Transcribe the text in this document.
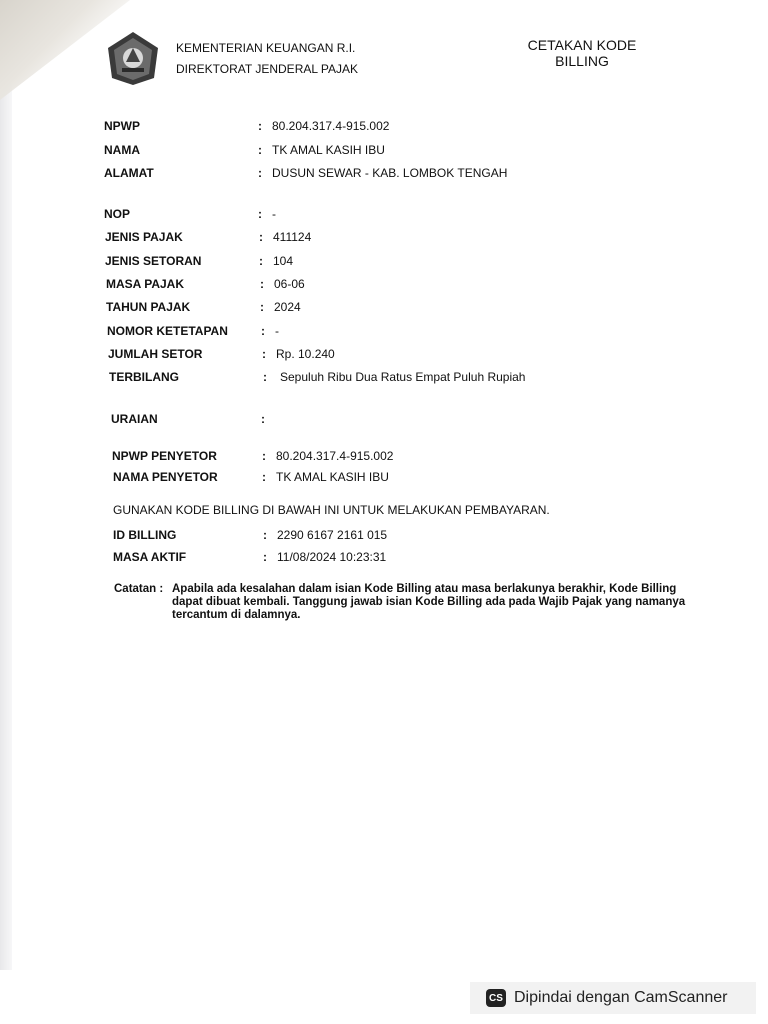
KEMENTERIAN KEUANGAN R.I.
DIREKTORAT JENDERAL PAJAK
CETAKAN KODE
BILLING
NPWP	: 80.204.317.4-915.002
NAMA	: TK AMAL KASIH IBU
ALAMAT	: DUSUN SEWAR - KAB. LOMBOK TENGAH
NOP	: -
JENIS PAJAK	: 411124
JENIS SETORAN	: 104
MASA PAJAK	: 06-06
TAHUN PAJAK	: 2024
NOMOR KETETAPAN	: -
JUMLAH SETOR	: Rp. 10.240
TERBILANG	:	Sepuluh Ribu Dua Ratus Empat Puluh Rupiah
URAIAN	:
NPWP PENYETOR	: 80.204.317.4-915.002
NAMA PENYETOR	: TK AMAL KASIH IBU
GUNAKAN KODE BILLING DI BAWAH INI UNTUK MELAKUKAN PEMBAYARAN.
ID BILLING	: 2290 6167 2161 015
MASA AKTIF	: 11/08/2024 10:23:31
Catatan : Apabila ada kesalahan dalam isian Kode Billing atau masa berlakunya berakhir, Kode Billing dapat dibuat kembali. Tanggung jawab isian Kode Billing ada pada Wajib Pajak yang namanya tercantum di dalamnya.
CS Dipindai dengan CamScanner
